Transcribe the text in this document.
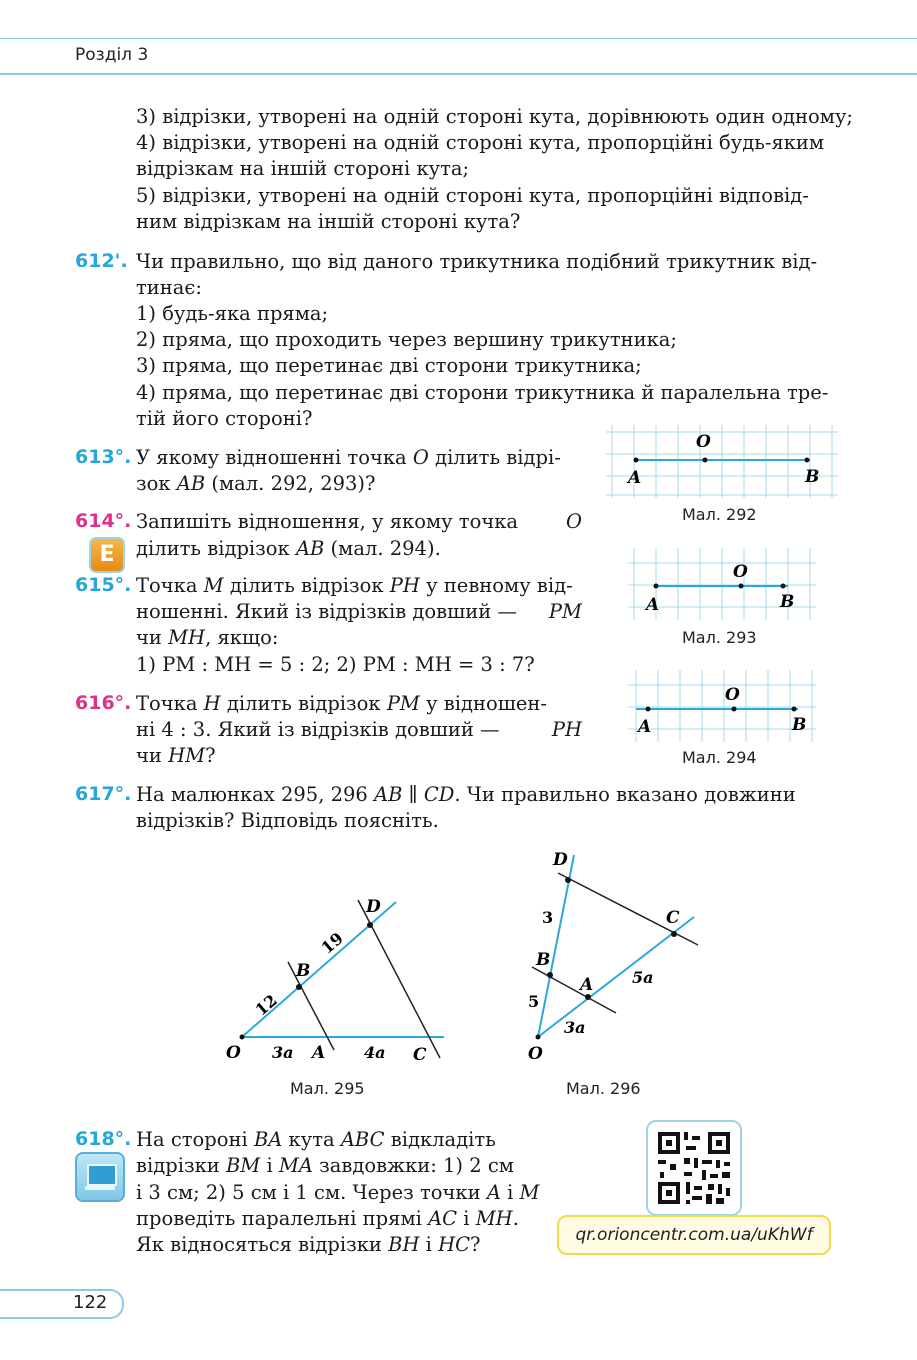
Розділ 3
3) відрізки, утворені на одній стороні кута, дорівнюють один одному;
4) відрізки, утворені на одній стороні кута, пропорційні будь-яким
відрізкам на іншій стороні кута;
5) відрізки, утворені на одній стороні кута, пропорційні відповід-
ним відрізкам на іншій стороні кута?
612'. Чи правильно, що від даного трикутника подібний трикутник від-
тинає:
1) будь-яка пряма;
2) пряма, що проходить через вершину трикутника;
3) пряма, що перетинає дві сторони трикутника;
4) пряма, що перетинає дві сторони трикутника й паралельна тре-
тій його стороні?
613°. У якому відношенні точка O ділить відрі-
зок AB (мал. 292, 293)?
614°.
E
Запишіть відношення, у якому точка O
ділить відрізок AB (мал. 294).
615°. Точка M ділить відрізок PH у певному від-
ношенні. Який із відрізків довший — PM
чи MH, якщо:
1) PM : MH = 5 : 2; 2) PM : MH = 3 : 7?
616°. Точка H ділить відрізок PM у відношен-
ні 4 : 3. Який із відрізків довший —	PH
чи HM?
617°. На малюнках 295, 296 AB ∥ CD. Чи правильно вказано довжини
відрізків? Відповідь поясніть.
618°. На стороні BA кута ABC відкладіть
відрізки BM і MA завдовжки: 1) 2 см
і 3 см; 2) 5 см і 1 см. Через точки A і M
проведіть паралельні прямі AC і MH.
Як відносяться відрізки BH і HC?
A	B
O
Мал. 292
A	B
O
Мал. 293
A	B
O
Мал. 294
O	A	C
B
D
12
19
3a	4a
Мал. 295
O
A
C
B
D
3
5
3a
5a
Мал. 296
qr.orioncentr.com.ua/uKhWf
122
